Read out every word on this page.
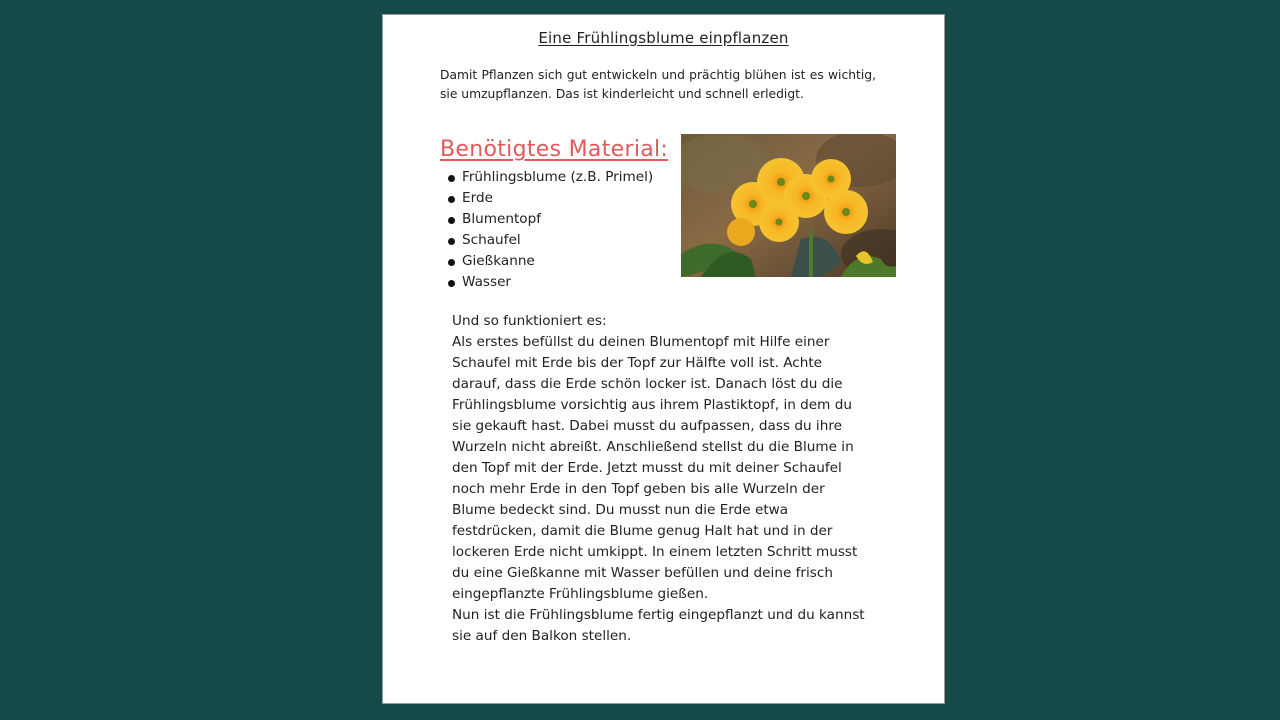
Eine Frühlingsblume einpflanzen
Damit Pflanzen sich gut entwickeln und prächtig blühen ist es wichtig, sie umzupflanzen. Das ist kinderleicht und schnell erledigt.
Benötigtes Material:
Frühlingsblume (z.B. Primel)
Erde
Blumentopf
Schaufel
Gießkanne
Wasser

Und so funktioniert es:

Als erstes befüllst du deinen Blumentopf mit Hilfe einer Schaufel mit Erde bis der Topf zur Hälfte voll ist. Achte darauf, dass die Erde schön locker ist. Danach löst du die Frühlingsblume vorsichtig aus ihrem Plastiktopf, in dem du sie gekauft hast. Dabei musst du aufpassen, dass du ihre Wurzeln nicht abreißt. Anschließend stellst du die Blume in den Topf mit der Erde. Jetzt musst du mit deiner Schaufel noch mehr Erde in den Topf geben bis alle Wurzeln der Blume bedeckt sind. Du musst nun die Erde etwa festdrücken, damit die Blume genug Halt hat und in der lockeren Erde nicht umkippt. In einem letzten Schritt musst du eine Gießkanne mit Wasser befüllen und deine frisch eingepflanzte Frühlingsblume gießen.

Nun ist die Frühlingsblume fertig eingepflanzt und du kannst sie auf den Balkon stellen.
